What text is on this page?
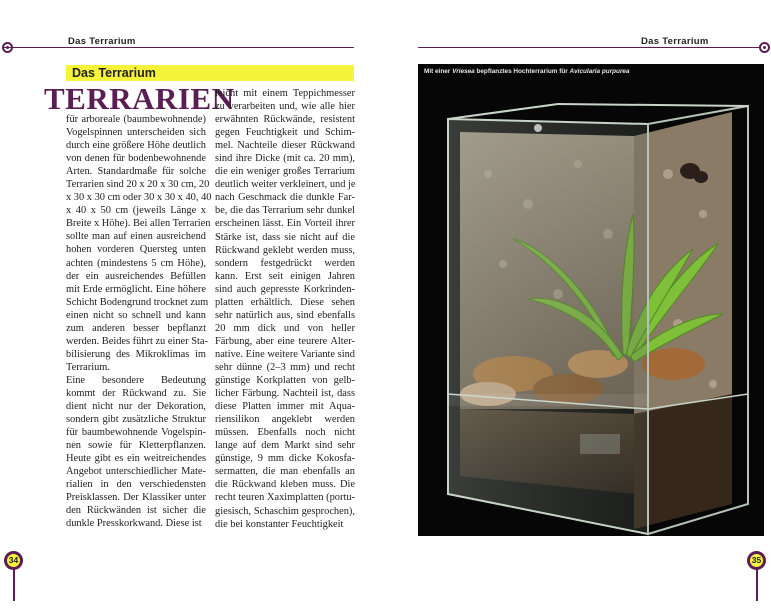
Das Terrarium	Das Terrarium
Das Terrarium
TERRARIEN
für arboreale (baumbewohnende)
Vogelspinnen unterscheiden sich
durch eine größere Höhe deutlich
von denen für bodenbewohnende
Arten. Standardmaße für solche
Terrarien sind 20 x 20 x 30 cm, 20
x 30 x 30 cm oder 30 x 30 x 40, 40
x 40 x 50 cm (jeweils Länge x
Breite x Höhe). Bei allen Terrarien
sollte man auf einen ausreichend
hohen vorderen Quersteg unten
achten (mindestens 5 cm Höhe),
der ein ausreichendes Befüllen
mit Erde ermöglicht. Eine höhere
Schicht Bodengrund trocknet zum
einen nicht so schnell und kann
zum anderen besser bepflanzt
werden. Beides führt zu einer Sta-
bilisierung des Mikroklimas im
Terrarium.
Eine besondere Bedeutung
kommt der Rückwand zu. Sie
dient nicht nur der Dekoration,
sondern gibt zusätzliche Struktur
für baumbewohnende Vogelspin-
nen sowie für Kletterpflanzen.
Heute gibt es ein weitreichendes
Angebot unterschiedlicher Mate-
rialien in den verschiedensten
Preisklassen. Der Klassiker unter
den Rückwänden ist sicher die
dunkle Presskorkwand. Diese ist
leicht mit einem Teppichmesser
zu verarbeiten und, wie alle hier
erwähnten Rückwände, resistent
gegen Feuchtigkeit und Schim-
mel. Nachteile dieser Rückwand
sind ihre Dicke (mit ca. 20 mm),
die ein weniger großes Terrarium
deutlich weiter verkleinert, und je
nach Geschmack die dunkle Far-
be, die das Terrarium sehr dunkel
erscheinen lässt. Ein Vorteil ihrer
Stärke ist, dass sie nicht auf die
Rückwand geklebt werden muss,
sondern festgedrückt werden
kann. Erst seit einigen Jahren
sind auch gepresste Korkrinden-
platten erhältlich. Diese sehen
sehr natürlich aus, sind ebenfalls
20 mm dick und von heller
Färbung, aber eine teurere Alter-
native. Eine weitere Variante sind
sehr dünne (2–3 mm) und recht
günstige Korkplatten von gelb-
licher Färbung. Nachteil ist, dass
diese Platten immer mit Aqua-
riensilikon angeklebt werden
müssen. Ebenfalls noch nicht
lange auf dem Markt sind sehr
günstige, 9 mm dicke Kokosfa-
sermatten, die man ebenfalls an
die Rückwand kleben muss. Die
recht teuren Xaximplatten (portu-
giesisch, Schaschim gesprochen),
die bei konstanter Feuchtigkeit
Mit einer Vriesea bepflanztes Hochterrarium für Avicularia purpurea
34	35
